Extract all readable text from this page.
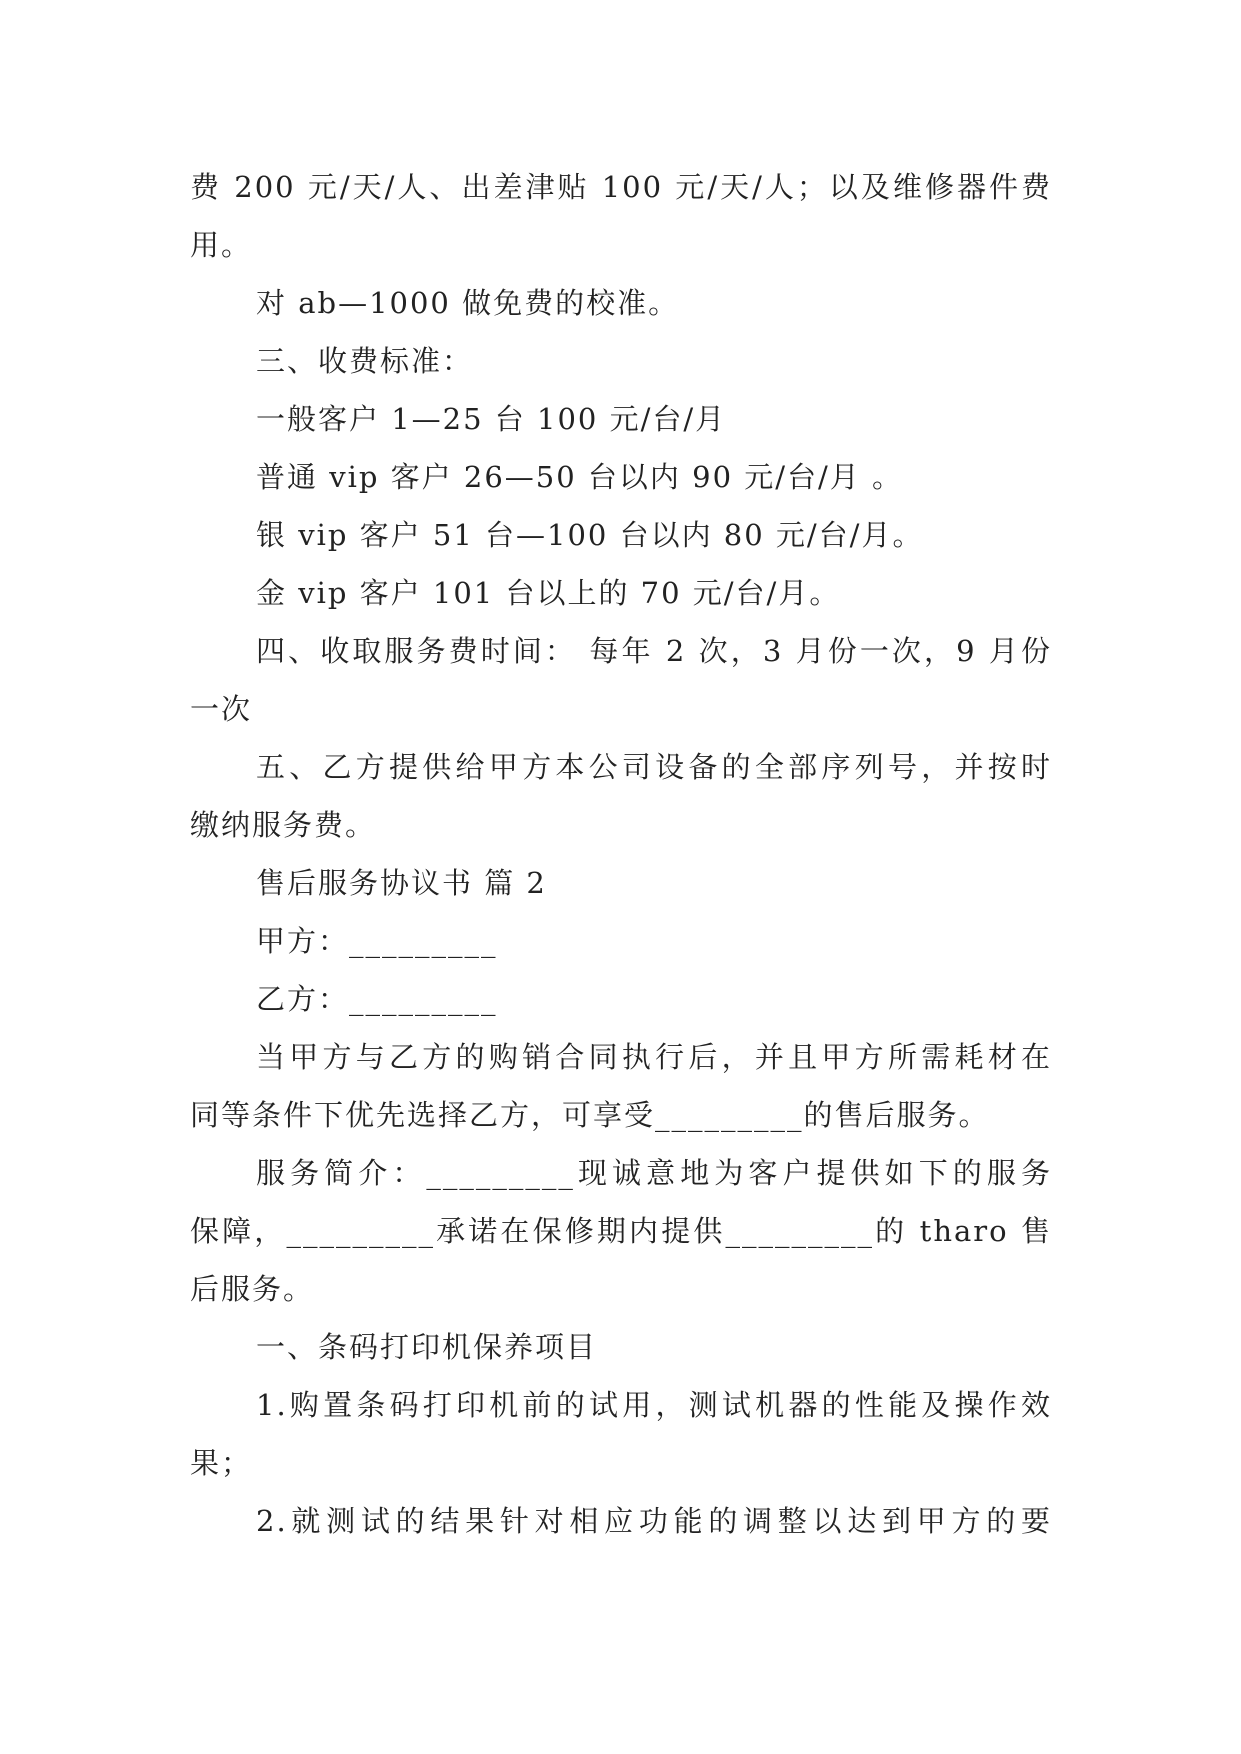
费 200 元/天/人、出差津贴 100 元/天/人；以及维修器件费
用。
对 ab—1000 做免费的校准。
三、收费标准：
一般客户 1—25 台 100 元/台/月
普通 vip 客户 26—50 台以内 90 元/台/月 。
银 vip 客户 51 台—100 台以内 80 元/台/月。
金 vip 客户 101 台以上的 70 元/台/月。
四、收取服务费时间： 每年 2 次，3 月份一次，9 月份
一次
五、乙方提供给甲方本公司设备的全部序列号，并按时
缴纳服务费。
售后服务协议书 篇 2
甲方：_________
乙方：_________
当甲方与乙方的购销合同执行后，并且甲方所需耗材在
同等条件下优先选择乙方，可享受_________的售后服务。
服务简介：_________现诚意地为客户提供如下的服务
保障，_________承诺在保修期内提供_________的 tharo 售
后服务。
一、条码打印机保养项目
1.购置条码打印机前的试用，测试机器的性能及操作效
果；
2.就测试的结果针对相应功能的调整以达到甲方的要
